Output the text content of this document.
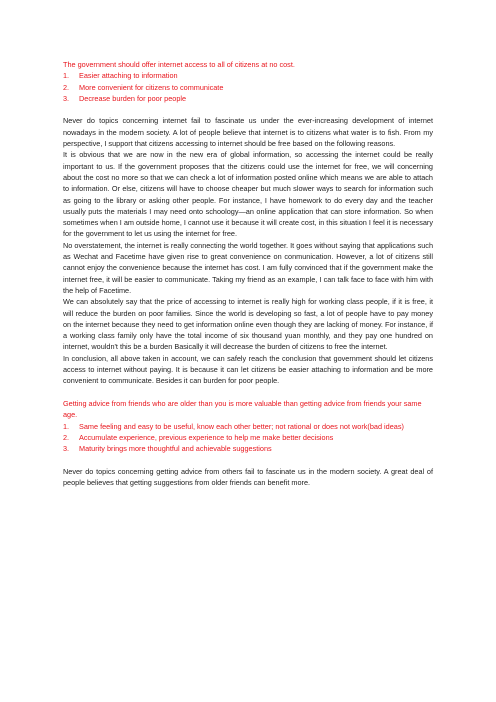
The government should offer internet access to all of citizens at no cost.

1. Easier attaching to information
2. More convenient for citizens to communicate
3. Decrease burden for poor people

Never do topics concerning internet fail to fascinate us under the ever-increasing development of internet nowadays in the modern society. A lot of people believe that internet is to citizens what water is to fish. From my perspective, I support that citizens accessing to internet should be free based on the following reasons.

It is obvious that we are now in the new era of global information, so accessing the internet could be really important to us. If the government proposes that the citizens could use the internet for free, we will concerning about the cost no more so that we can check a lot of information posted online which means we are able to attach to information. Or else, citizens will have to choose cheaper but much slower ways to search for information such as going to the library or asking other people. For instance, I have homework to do every day and the teacher usually puts the materials I may need onto schoology—an online application that can store information. So when sometimes when I am outside home, I cannot use it because it will create cost, in this situation I feel it is necessary for the government to let us using the internet for free.

No overstatement, the internet is really connecting the world together. It goes without saying that applications such as Wechat and Facetime have given rise to great convenience on conmunication. However, a lot of citizens still cannot enjoy the convenience because the internet has cost. I am fully convinced that if the government make the internet free, it will be easier to communicate. Taking my friend as an example, I can talk face to face with him with the help of Facetime.

We can absolutely say that the price of accessing to internet is really high for working class people, if it is free, it will reduce the burden on poor families. Since the world is developing so fast, a lot of people have to pay money on the internet because they need to get information online even though they are lacking of money. For instance, if a working class family only have the total income of six thousand yuan monthly, and they pay one hundred on internet, wouldn't this be a burden Basically it will decrease the burden of citizens to free the internet.

In conclusion, all above taken in account, we can safely reach the conclusion that government should let citizens access to internet without paying. It is because it can let citizens be easier attaching to information and be more convenient to communicate. Besides it can burden for poor people.

Getting advice from friends who are older than you is more valuable than getting advice from friends your same age.

1. Same feeling and easy to be useful, know each other better; not rational or does not work(bad ideas)
2. Accumulate experience, previous experience to help me make better decisions
3. Maturity brings more thoughtful and achievable suggestions

Never do topics concerning getting advice from others fail to fascinate us in the modern society. A great deal of people believes that getting suggestions from older friends can benefit more.
